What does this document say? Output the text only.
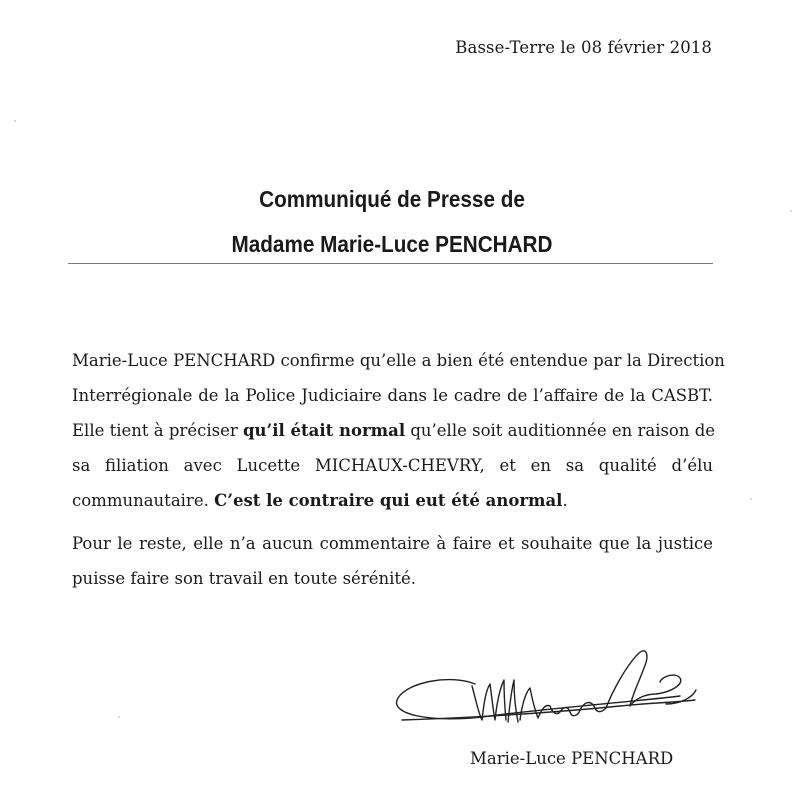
Basse-Terre le 08 février 2018
Communiqué de Presse de
Madame Marie-Luce PENCHARD

Marie-Luce PENCHARD confirme qu’elle a bien été entendue par la Direction
Interrégionale de la Police Judiciaire dans le cadre de l’affaire de la CASBT.
Elle tient à préciser qu’il était normal qu’elle soit auditionnée en raison de
sa filiation avec Lucette MICHAUX-CHEVRY, et en sa qualité d’élu
communautaire. C’est le contraire qui eut été anormal.

Pour le reste, elle n’a aucun commentaire à faire et souhaite que la justice
puisse faire son travail en toute sérénité.

Marie-Luce PENCHARD
